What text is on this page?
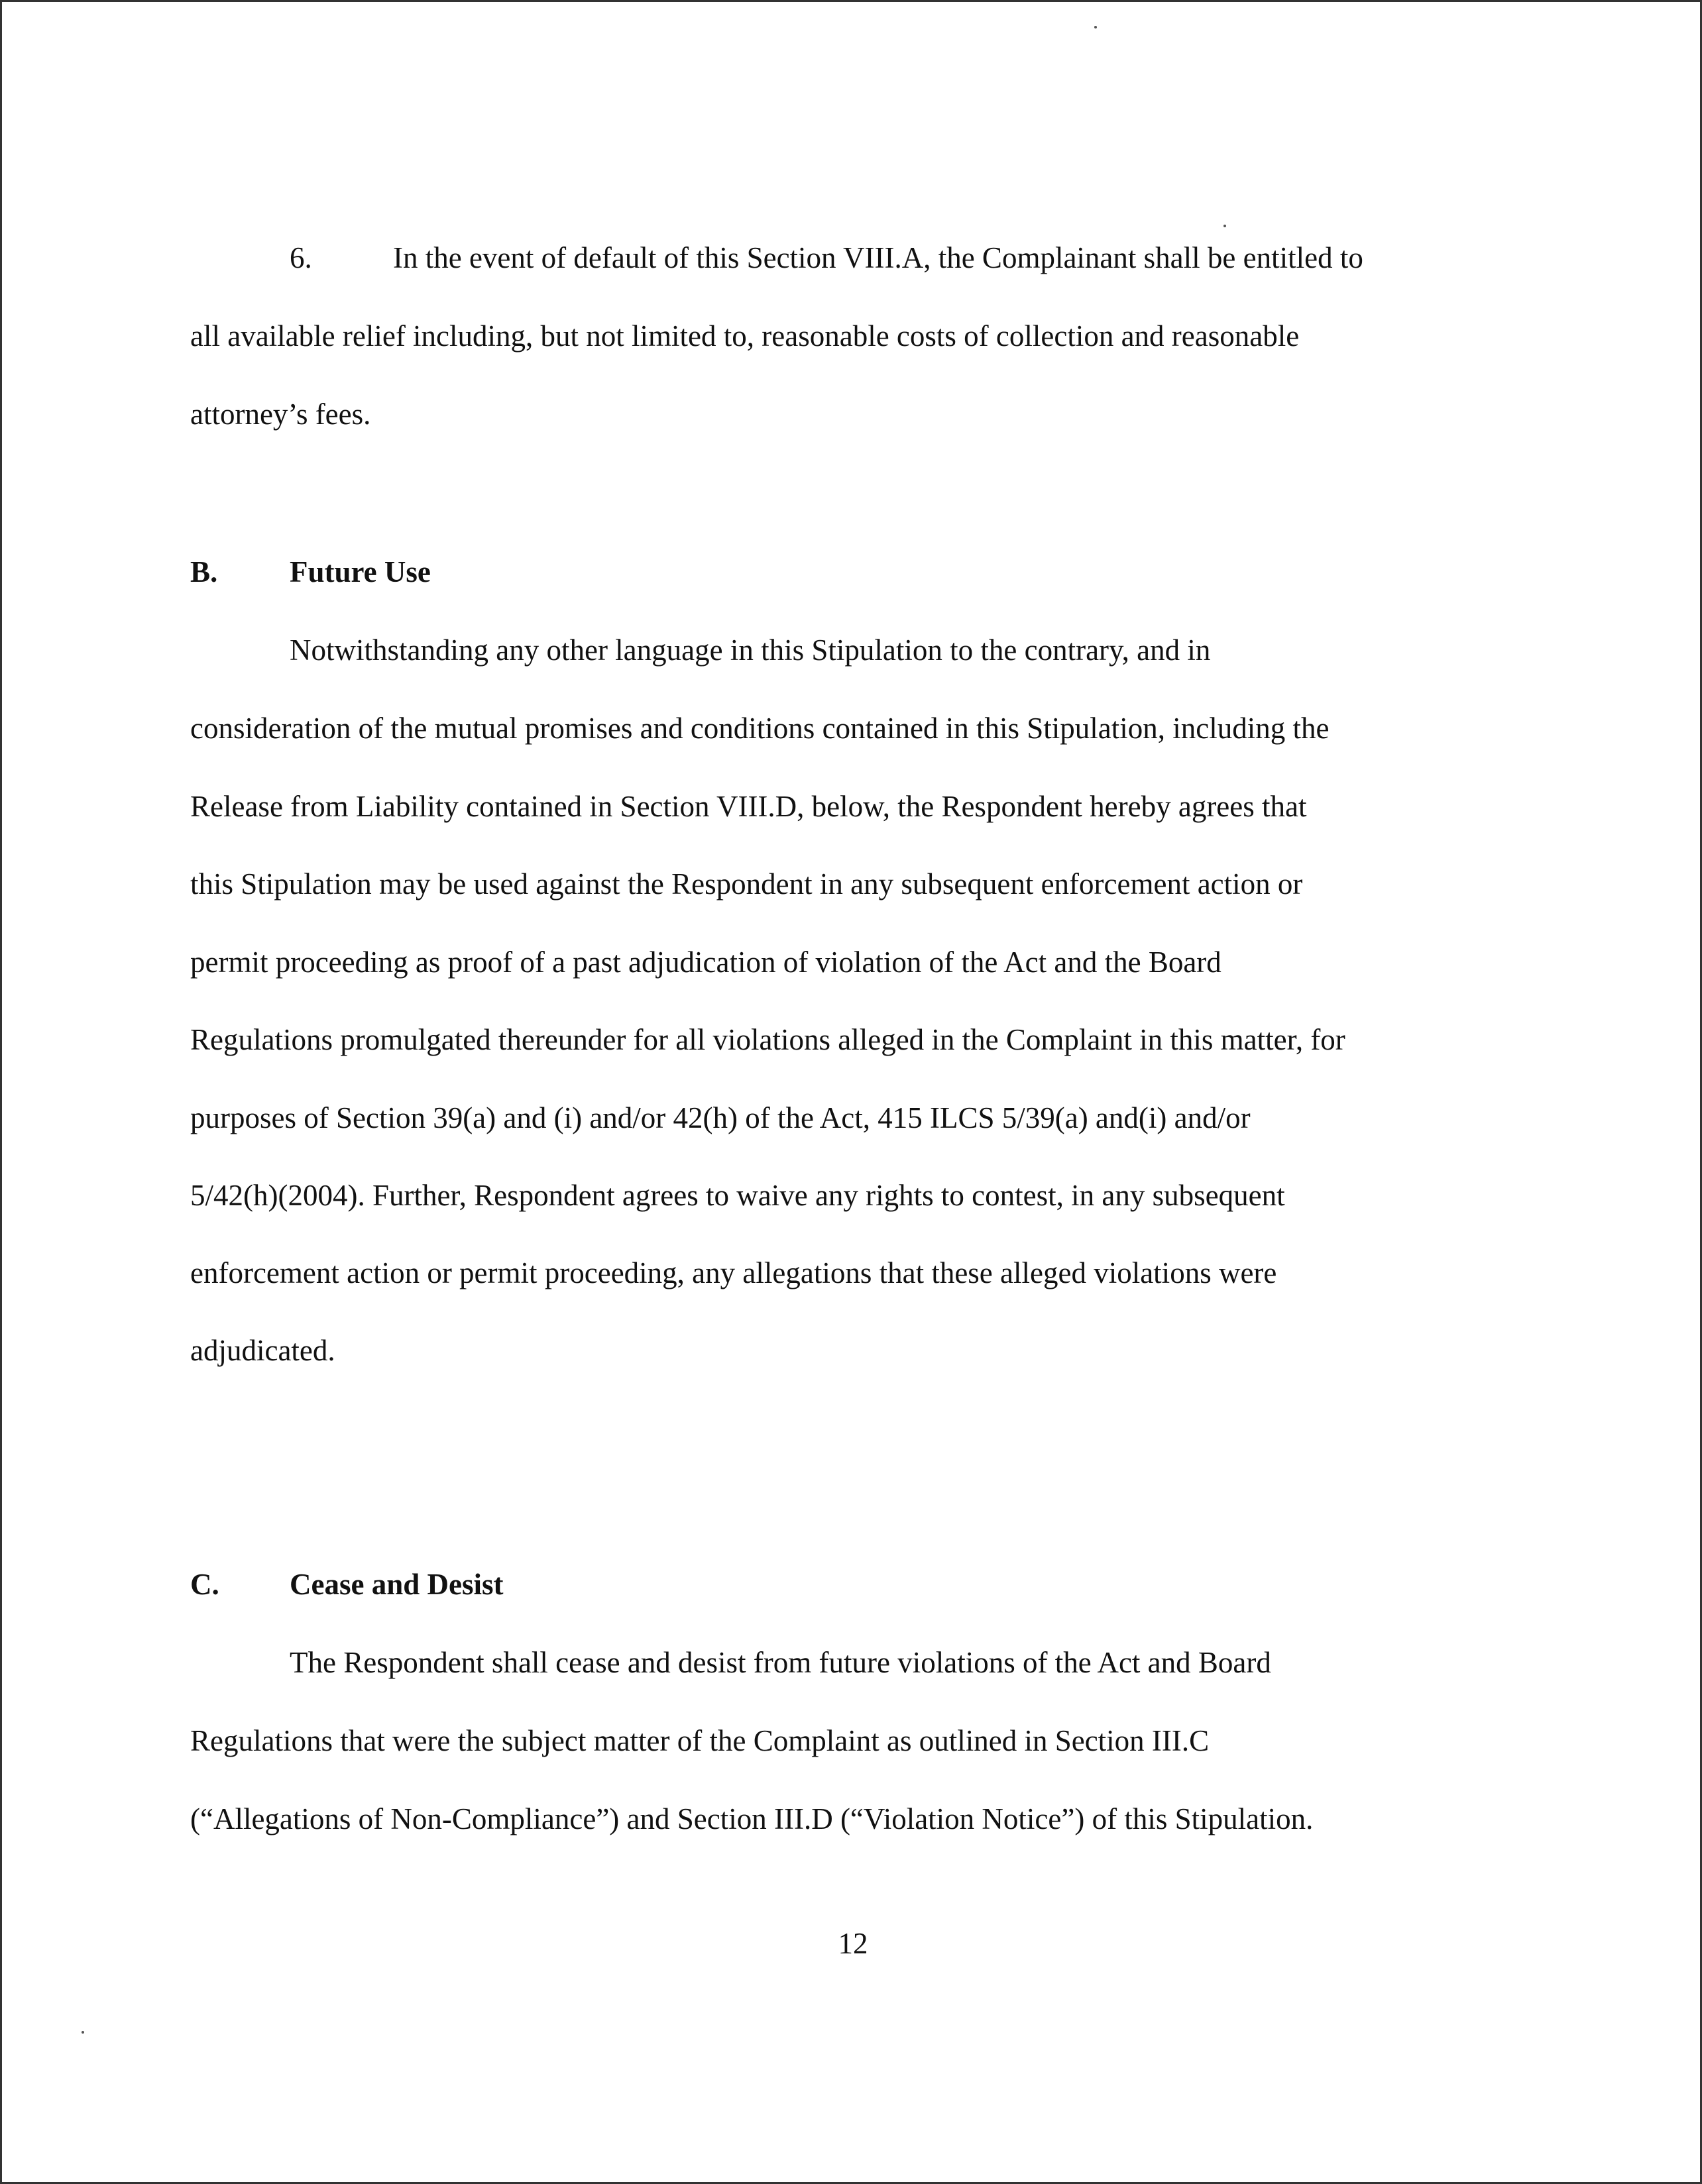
6.	In the event of default of this Section VIII.A, the Complainant shall be entitled to
all available relief including, but not limited to, reasonable costs of collection and reasonable
attorney’s fees.
B. Future Use
Notwithstanding any other language in this Stipulation to the contrary, and in
consideration of the mutual promises and conditions contained in this Stipulation, including the
Release from Liability contained in Section VIII.D, below, the Respondent hereby agrees that
this Stipulation may be used against the Respondent in any subsequent enforcement action or
permit proceeding as proof of a past adjudication of violation of the Act and the Board
Regulations promulgated thereunder for all violations alleged in the Complaint in this matter, for
purposes of Section 39(a) and (i) and/or 42(h) of the Act, 415 ILCS 5/39(a) and(i) and/or
5/42(h)(2004). Further, Respondent agrees to waive any rights to contest, in any subsequent
enforcement action or permit proceeding, any allegations that these alleged violations were
adjudicated.
C. Cease and Desist
The Respondent shall cease and desist from future violations of the Act and Board
Regulations that were the subject matter of the Complaint as outlined in Section III.C
(“Allegations of Non-Compliance”) and Section III.D (“Violation Notice”) of this Stipulation.
12
